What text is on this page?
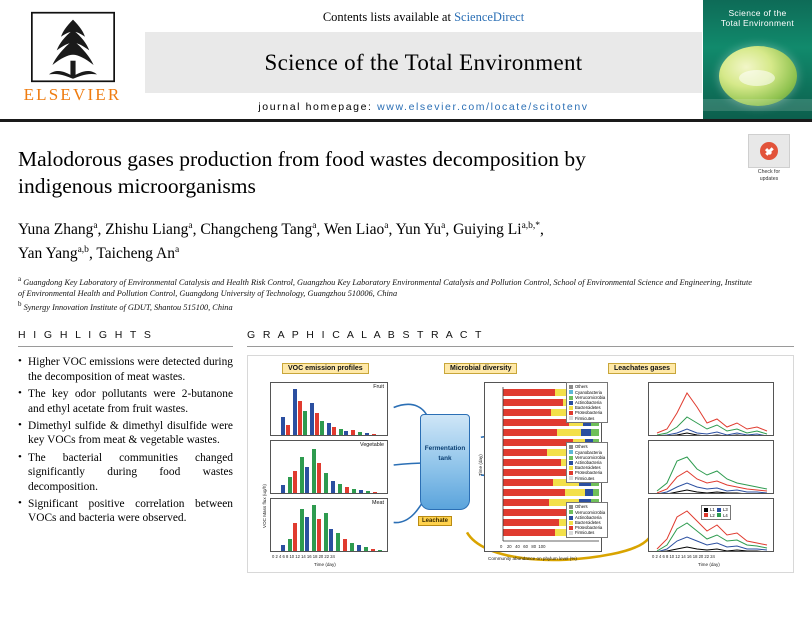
ELSEVIER
Contents lists available at ScienceDirect
Science of the Total Environment
journal homepage: www.elsevier.com/locate/scitotenv
Science of the
Total Environment
Check for
updates
Malodorous gases production from food wastes decomposition by indigenous microorganisms
Yuna Zhang$^a$, Zhishu Liang$^a$, Changcheng Tang$^a$, Wen Liao$^a$, Yun Yu$^a$, Guiying $Li^{a,b,*}$,
Yan Yang$^{a,b}$, Taicheng An$^a$
$^a$ Guangdong Key Laboratory of Environmental Catalysis and Health Risk Control, Guangzhou Key Laboratory Environmental Catalysis and Pollution Control, School of Environmental Science and Engineering, Institute of Environmental Health and Pollution Control, Guangdong University of Technology, Guangzhou 510006, China
$^b$ Synergy Innovation Institute of GDUT, Shantou 515100, China
H I G H L I G H T S
• Higher VOC emissions were detected during the decomposition of meat wastes.
• The key odor pollutants were 2-butanone and ethyl acetate from fruit wastes.
• Dimethyl sulfide & dimethyl disulfide were key VOCs from meat & vegetable wastes.
• The bacterial communities changed significantly during food wastes decomposition.
• Significant positive correlation between VOCs and bacteria were observed.
G R A P H I C A L A B S T R A C T
VOC emission profiles	Microbial diversity	Leachates gases
VOC Mass flux (ug/h)
Fruit
Vegetable
Meat
0 2 4 6 8 10 12 14 16 18 20 22 24
Time (day)
Fermentation
tank
Leachate
Time (day)
0    20   40   60   80  100
Community abundance on phylum level (%)
Others
Cyanobacteria
Verrucomicrobia
Actinobacteria
Bacteroidetes
Proteobacteria
Firmicutes
Others
Cyanobacteria
Verrucomicrobia
Actinobacteria
Bacteroidetes
Proteobacteria
Firmicutes
Others
Verrucomicrobia
Actinobacteria
Bacteroidetes
Proteobacteria
Firmicutes
L1 L3
L2 L4
0 2 4 6 8 10 12 14 16 18 20 22 24
Time (day)
